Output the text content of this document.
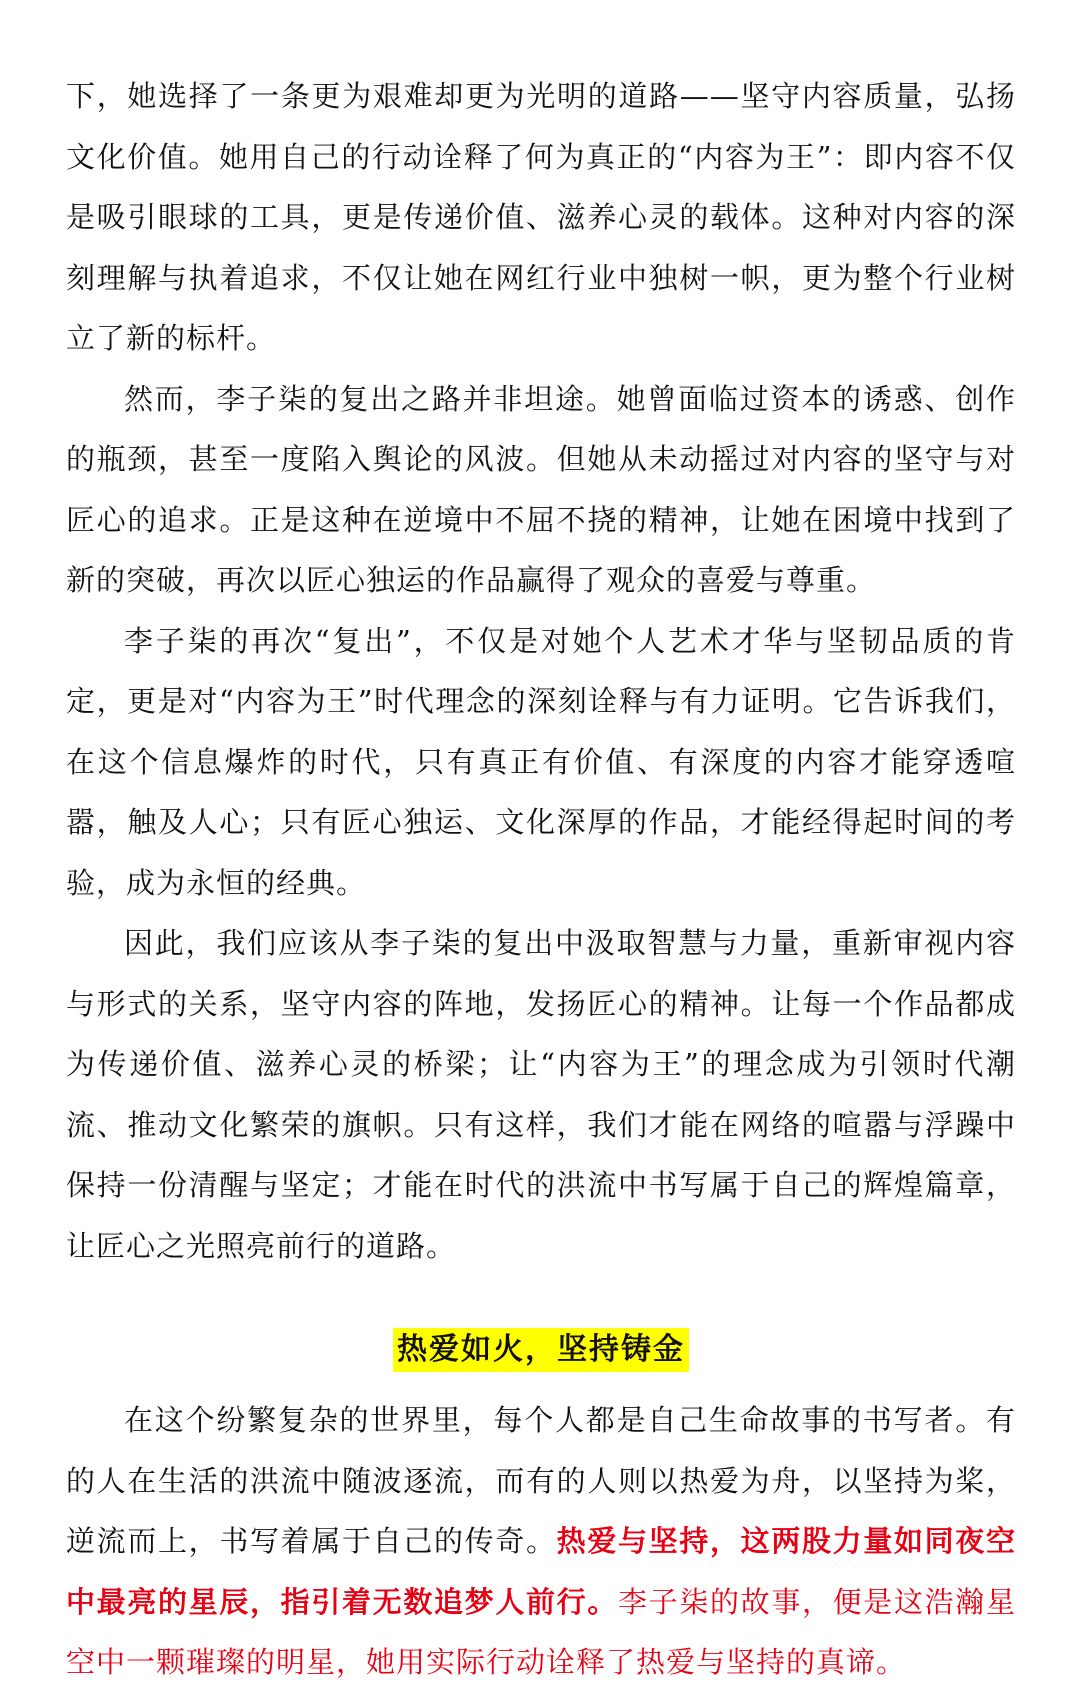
下，她选择了一条更为艰难却更为光明的道路——坚守内容质量，弘扬文化价值。她用自己的行动诠释了何为真正的“内容为王”：即内容不仅是吸引眼球的工具，更是传递价值、滋养心灵的载体。这种对内容的深刻理解与执着追求，不仅让她在网红行业中独树一帜，更为整个行业树立了新的标杆。

然而，李子柒的复出之路并非坦途。她曾面临过资本的诱惑、创作的瓶颈，甚至一度陷入舆论的风波。但她从未动摇过对内容的坚守与对匠心的追求。正是这种在逆境中不屈不挠的精神，让她在困境中找到了新的突破，再次以匠心独运的作品赢得了观众的喜爱与尊重。

李子柒的再次“复出”，不仅是对她个人艺术才华与坚韧品质的肯定，更是对“内容为王”时代理念的深刻诠释与有力证明。它告诉我们，在这个信息爆炸的时代，只有真正有价值、有深度的内容才能穿透喧嚣，触及人心；只有匠心独运、文化深厚的作品，才能经得起时间的考验，成为永恒的经典。

因此，我们应该从李子柒的复出中汲取智慧与力量，重新审视内容与形式的关系，坚守内容的阵地，发扬匠心的精神。让每一个作品都成为传递价值、滋养心灵的桥梁；让“内容为王”的理念成为引领时代潮流、推动文化繁荣的旗帜。只有这样，我们才能在网络的喧嚣与浮躁中保持一份清醒与坚定；才能在时代的洪流中书写属于自己的辉煌篇章，让匠心之光照亮前行的道路。

热爱如火，坚持铸金

在这个纷繁复杂的世界里，每个人都是自己生命故事的书写者。有的人在生活的洪流中随波逐流，而有的人则以热爱为舟，以坚持为桨，逆流而上，书写着属于自己的传奇。热爱与坚持，这两股力量如同夜空中最亮的星辰，指引着无数追梦人前行。李子柒的故事，便是这浩瀚星空中一颗璀璨的明星，她用实际行动诠释了热爱与坚持的真谛。
